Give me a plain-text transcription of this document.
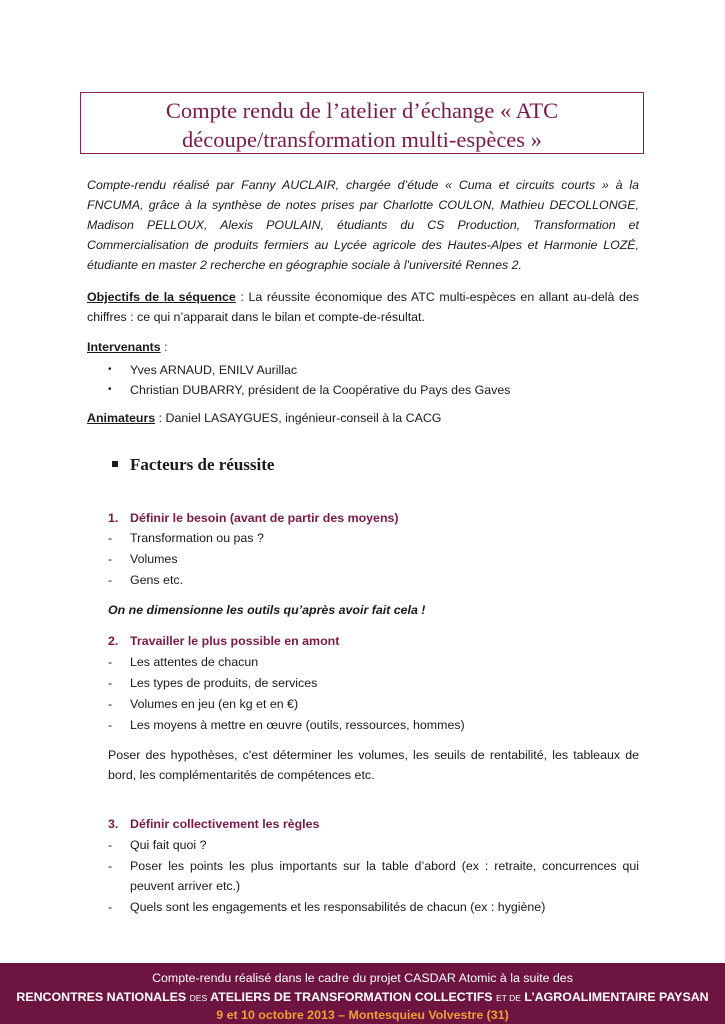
Compte rendu de l’atelier d’échange « ATC
découpe/transformation multi-espèces »

Compte-rendu réalisé par Fanny AUCLAIR, chargée d’étude « Cuma et circuits courts » à la FNCUMA, grâce à la synthèse de notes prises par Charlotte COULON, Mathieu DECOLLONGE, Madison PELLOUX, Alexis POULAIN, étudiants du CS Production, Transformation et Commercialisation de produits fermiers au Lycée agricole des Hautes-Alpes et Harmonie LOZÉ, étudiante en master 2 recherche en géographie sociale à l'université Rennes 2.

Objectifs de la séquence : La réussite économique des ATC multi-espèces en allant au-delà des chiffres : ce qui n’apparait dans le bilan et compte-de-résultat.

Intervenants :

• Yves ARNAUD, ENILV Aurillac
• Christian DUBARRY, président de la Coopérative du Pays des Gaves

Animateurs : Daniel LASAYGUES, ingénieur-conseil à la CACG

Facteurs de réussite
1. Définir le besoin (avant de partir des moyens)
- Transformation ou pas ?
- Volumes
- Gens etc.
On ne dimensionne les outils qu’après avoir fait cela !
2. Travailler le plus possible en amont
- Les attentes de chacun
- Les types de produits, de services
- Volumes en jeu (en kg et en €)
- Les moyens à mettre en œuvre (outils, ressources, hommes)

Poser des hypothèses, c'est déterminer les volumes, les seuils de rentabilité, les tableaux de bord, les complémentarités de compétences etc.

3. Définir collectivement les règles
- Qui fait quoi ?
- Poser les points les plus importants sur la table d’abord (ex : retraite, concurrences qui peuvent arriver etc.)
- Quels sont les engagements et les responsabilités de chacun (ex : hygiène)
Compte-rendu réalisé dans le cadre du projet CASDAR Atomic à la suite des
RENCONTRES NATIONALES DES ATELIERS DE TRANSFORMATION COLLECTIFS ET DE L’AGROALIMENTAIRE PAYSAN
9 et 10 octobre 2013 – Montesquieu Volvestre (31)
